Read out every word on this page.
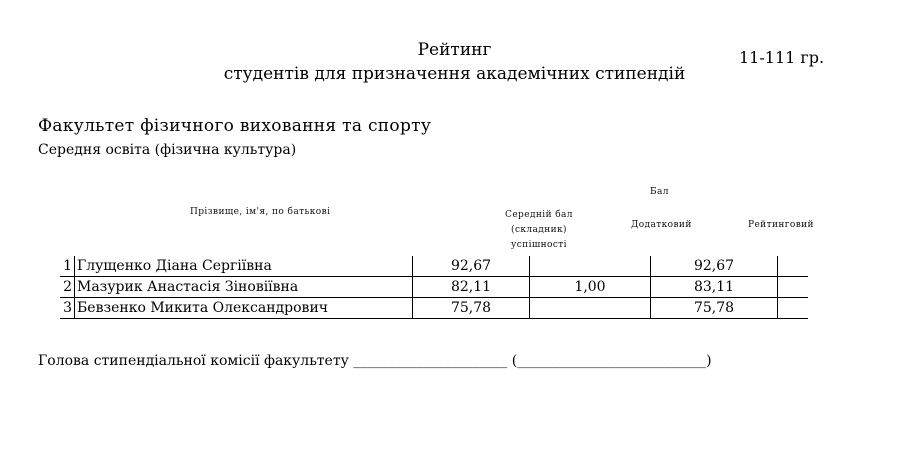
Рейтинг
студентів для призначення академічних стипендій
11-111 гр.
Факультет фізичного виховання та спорту
Середня освіта (фізична культура)
Прізвище, ім'я, по батькові
Бал
Середній бал
(складник)
успішності
Додатковий	Рейтинговий
1	Глущенко Діана Сергіївна	92,67		92,67	
2	Мазурик Анастасія Зіновіївна	82,11	1,00	83,11	
3	Бевзенко Микита Олександрович	75,78		75,78	
Голова стипендіальної комісії факультету ______________________ (___________________________)
